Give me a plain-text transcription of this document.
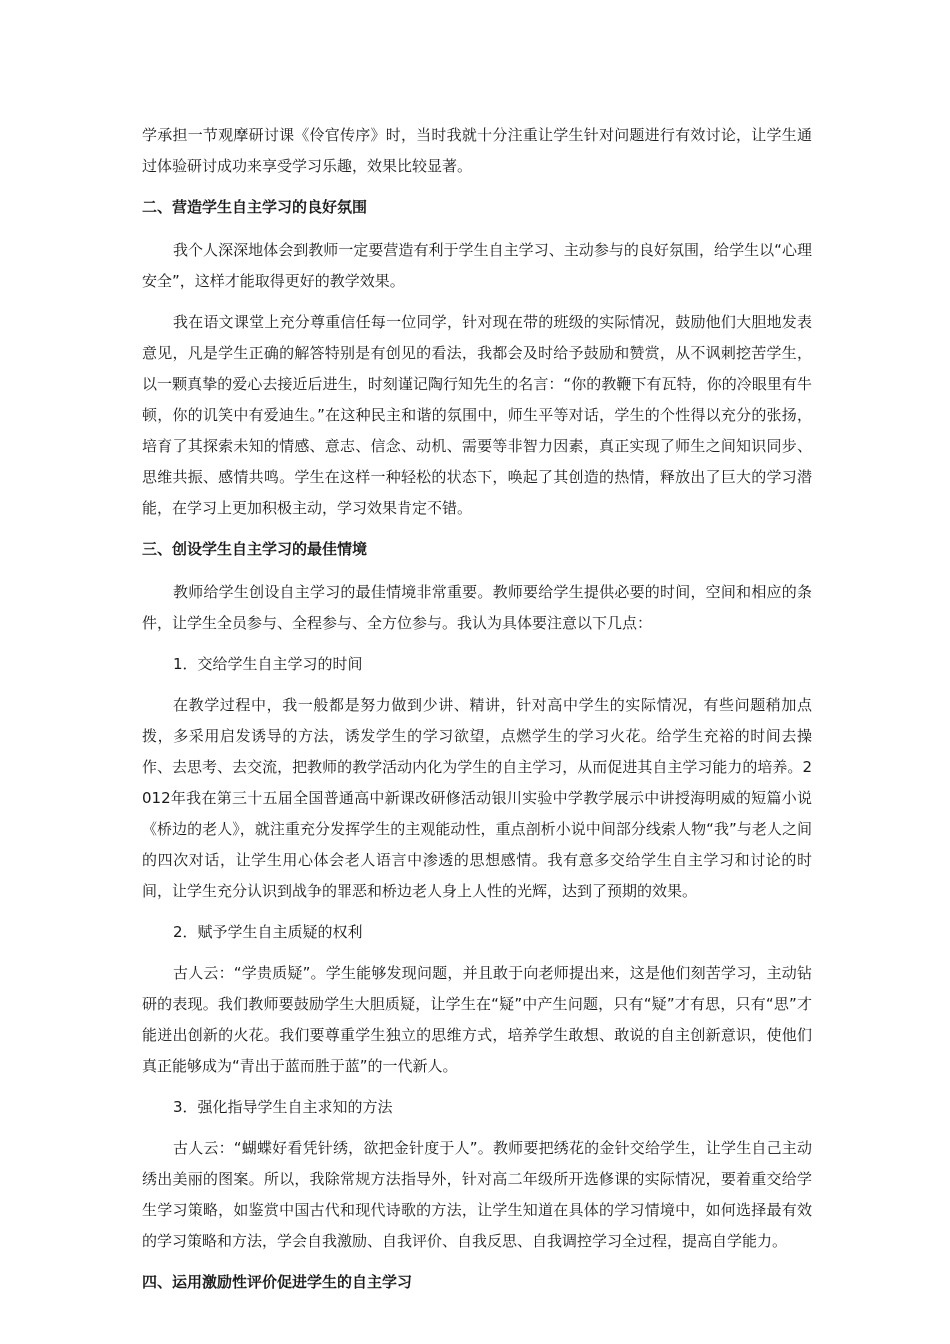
学承担一节观摩研讨课《伶官传序》时，当时我就十分注重让学生针对问题进行有效讨论，让学生通过体验研讨成功来享受学习乐趣，效果比较显著。

二、营造学生自主学习的良好氛围

我个人深深地体会到教师一定要营造有利于学生自主学习、主动参与的良好氛围，给学生以“心理安全”，这样才能取得更好的教学效果。

我在语文课堂上充分尊重信任每一位同学，针对现在带的班级的实际情况，鼓励他们大胆地发表意见，凡是学生正确的解答特别是有创见的看法，我都会及时给予鼓励和赞赏，从不讽刺挖苦学生，以一颗真挚的爱心去接近后进生，时刻谨记陶行知先生的名言：“你的教鞭下有瓦特，你的冷眼里有牛顿，你的讥笑中有爱迪生。”在这种民主和谐的氛围中，师生平等对话，学生的个性得以充分的张扬，培育了其探索未知的情感、意志、信念、动机、需要等非智力因素，真正实现了师生之间知识同步、思维共振、感情共鸣。学生在这样一种轻松的状态下，唤起了其创造的热情，释放出了巨大的学习潜能，在学习上更加积极主动，学习效果肯定不错。

三、创设学生自主学习的最佳情境

教师给学生创设自主学习的最佳情境非常重要。教师要给学生提供必要的时间，空间和相应的条件，让学生全员参与、全程参与、全方位参与。我认为具体要注意以下几点：

1．交给学生自主学习的时间

在教学过程中，我一般都是努力做到少讲、精讲，针对高中学生的实际情况，有些问题稍加点拨，多采用启发诱导的方法，诱发学生的学习欲望，点燃学生的学习火花。给学生充裕的时间去操作、去思考、去交流，把教师的教学活动内化为学生的自主学习，从而促进其自主学习能力的培养。2012年我在第三十五届全国普通高中新课改研修活动银川实验中学教学展示中讲授海明威的短篇小说《桥边的老人》，就注重充分发挥学生的主观能动性，重点剖析小说中间部分线索人物“我”与老人之间的四次对话，让学生用心体会老人语言中渗透的思想感情。我有意多交给学生自主学习和讨论的时间，让学生充分认识到战争的罪恶和桥边老人身上人性的光辉，达到了预期的效果。

2．赋予学生自主质疑的权利

古人云：“学贵质疑”。学生能够发现问题，并且敢于向老师提出来，这是他们刻苦学习，主动钻研的表现。我们教师要鼓励学生大胆质疑，让学生在“疑”中产生问题，只有“疑”才有思，只有“思”才能迸出创新的火花。我们要尊重学生独立的思维方式，培养学生敢想、敢说的自主创新意识，使他们真正能够成为“青出于蓝而胜于蓝”的一代新人。

3．强化指导学生自主求知的方法

古人云：“蝴蝶好看凭针绣，欲把金针度于人”。教师要把绣花的金针交给学生，让学生自己主动绣出美丽的图案。所以，我除常规方法指导外，针对高二年级所开选修课的实际情况，要着重交给学生学习策略，如鉴赏中国古代和现代诗歌的方法，让学生知道在具体的学习情境中，如何选择最有效的学习策略和方法，学会自我激励、自我评价、自我反思、自我调控学习全过程，提高自学能力。

四、运用激励性评价促进学生的自主学习
